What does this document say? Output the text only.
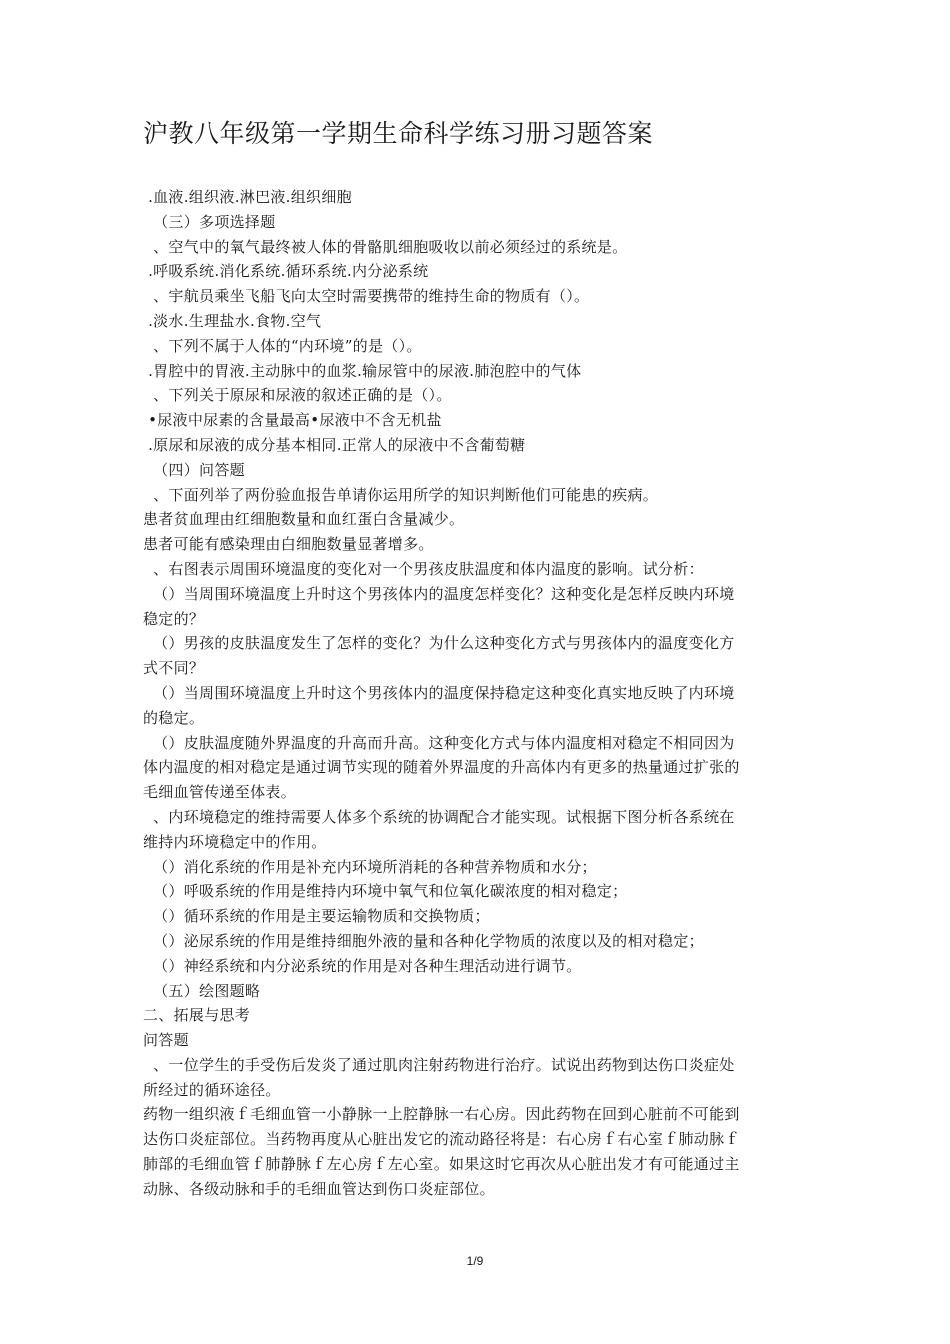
沪教八年级第一学期生命科学练习册习题答案
.血液.组织液.淋巴液.组织细胞
（三）多项选择题
、空气中的氧气最终被人体的骨骼肌细胞吸收以前必须经过的系统是。
.呼吸系统.消化系统.循环系统.内分泌系统
、宇航员乘坐飞船飞向太空时需要携带的维持生命的物质有（）。
.淡水.生理盐水.食物.空气
、下列不属于人体的“内环境”的是（）。
.胃腔中的胃液.主动脉中的血浆.输尿管中的尿液.肺泡腔中的气体
、下列关于原尿和尿液的叙述正确的是（）。
•尿液中尿素的含量最高•尿液中不含无机盐
.原尿和尿液的成分基本相同.正常人的尿液中不含葡萄糖
（四）问答题
、下面列举了两份验血报告单请你运用所学的知识判断他们可能患的疾病。
患者贫血理由红细胞数量和血红蛋白含量减少。
患者可能有感染理由白细胞数量显著增多。
、右图表示周围环境温度的变化对一个男孩皮肤温度和体内温度的影响。试分析：
（）当周围环境温度上升时这个男孩体内的温度怎样变化？这种变化是怎样反映内环境
稳定的？
（）男孩的皮肤温度发生了怎样的变化？为什么这种变化方式与男孩体内的温度变化方
式不同？
（）当周围环境温度上升时这个男孩体内的温度保持稳定这种变化真实地反映了内环境
的稳定。
（）皮肤温度随外界温度的升高而升高。这种变化方式与体内温度相对稳定不相同因为
体内温度的相对稳定是通过调节实现的随着外界温度的升高体内有更多的热量通过扩张的
毛细血管传递至体表。
、内环境稳定的维持需要人体多个系统的协调配合才能实现。试根据下图分析各系统在
维持内环境稳定中的作用。
（）消化系统的作用是补充内环境所消耗的各种营养物质和水分；
（）呼吸系统的作用是维持内环境中氧气和位氧化碳浓度的相对稳定；
（）循环系统的作用是主要运输物质和交换物质；
（）泌尿系统的作用是维持细胞外液的量和各种化学物质的浓度以及的相对稳定；
（）神经系统和内分泌系统的作用是对各种生理活动进行调节。
（五）绘图题略
二、拓展与思考
问答题
、一位学生的手受伤后发炎了通过肌肉注射药物进行治疗。试说出药物到达伤口炎症处
所经过的循环途径。
药物一组织液ｆ毛细血管一小静脉一上腔静脉一右心房。因此药物在回到心脏前不可能到
达伤口炎症部位。当药物再度从心脏出发它的流动路径将是：右心房ｆ右心室ｆ肺动脉ｆ
肺部的毛细血管ｆ肺静脉ｆ左心房ｆ左心室。如果这时它再次从心脏出发才有可能通过主
动脉、各级动脉和手的毛细血管达到伤口炎症部位。
1/9
